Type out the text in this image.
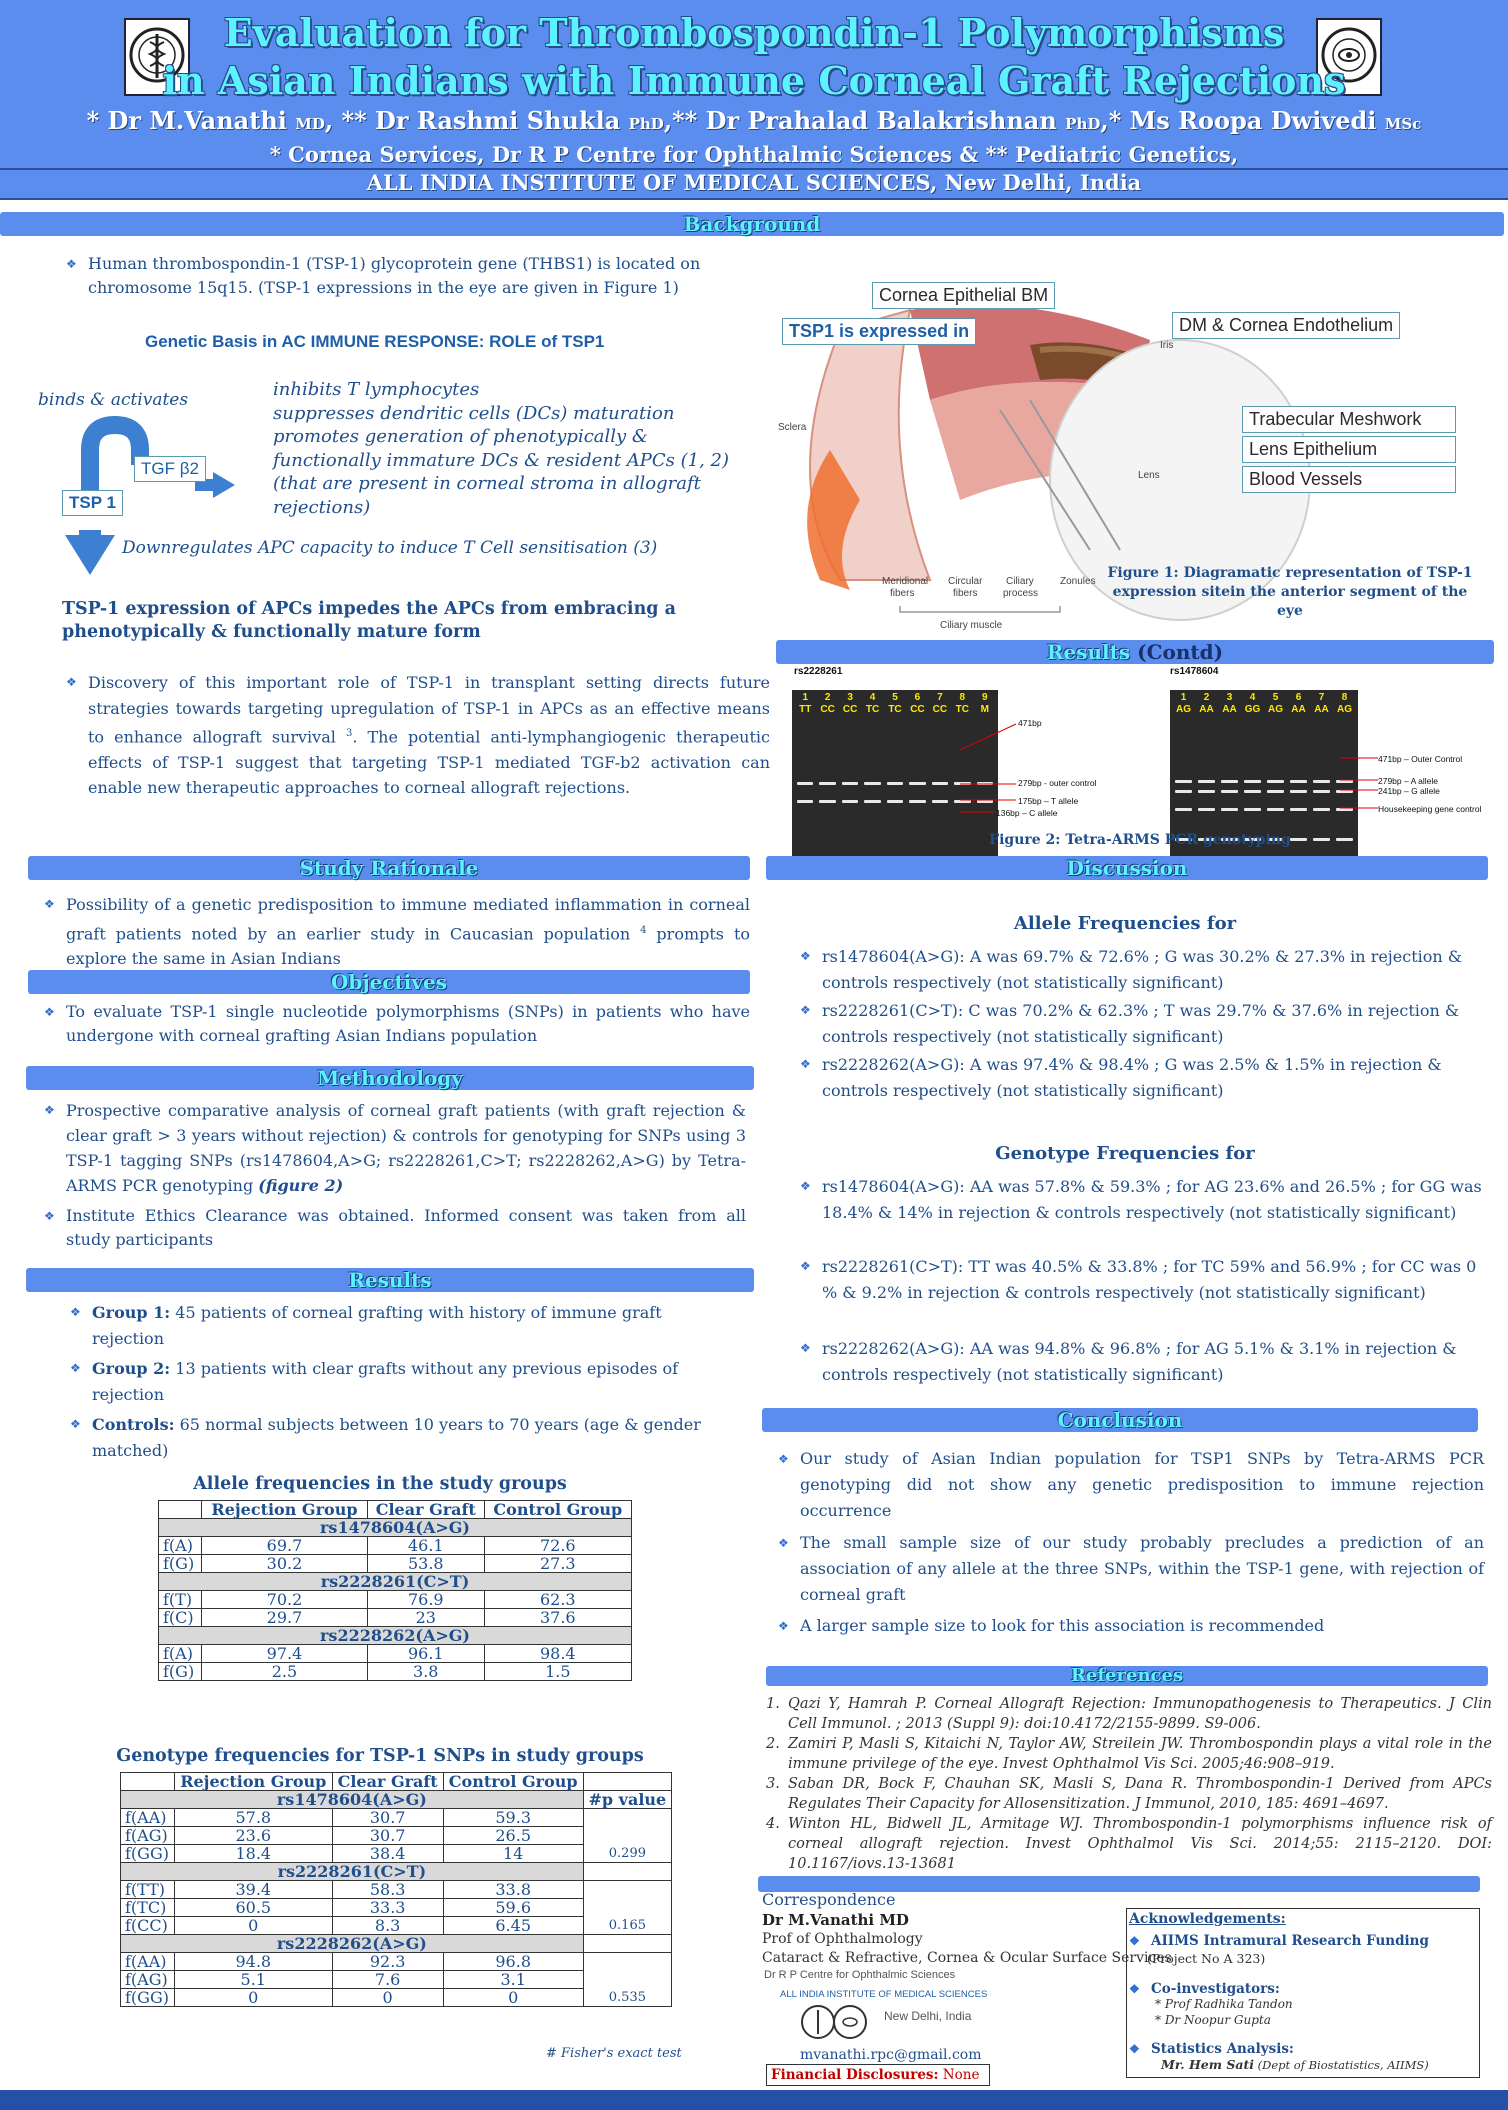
Evaluation for Thrombospondin-1 Polymorphisms
in Asian Indians with Immune Corneal Graft Rejections
* Dr M.Vanathi MD, ** Dr Rashmi Shukla PhD,** Dr Prahalad Balakrishnan PhD,* Ms Roopa Dwivedi MSc
* Cornea Services, Dr R P Centre for Ophthalmic Sciences & ** Pediatric Genetics,
ALL INDIA INSTITUTE OF MEDICAL SCIENCES, New Delhi, India
Background
❖ Human thrombospondin-1 (TSP-1) glycoprotein gene (THBS1) is located on chromosome 15q15. (TSP-1 expressions in the eye are given in Figure 1)
Genetic Basis in AC IMMUNE RESPONSE: ROLE of TSP1
binds & activates
TGF β2
TSP 1
inhibits T lymphocytes
suppresses dendritic cells (DCs) maturation
promotes generation of phenotypically &
functionally immature DCs & resident APCs (1, 2)
(that are present in corneal stroma in allograft
rejections)
Downregulates APC capacity to induce T Cell sensitisation (3)
TSP-1 expression of APCs impedes the APCs from embracing a phenotypically & functionally mature form
❖ Discovery of this important role of TSP-1 in transplant setting directs future strategies towards targeting upregulation of TSP-1 in APCs as an effective means to enhance allograft survival $^3$. The potential anti-lymphangiogenic therapeutic effects of TSP-1 suggest that targeting TSP-1 mediated TGF-b2 activation can enable new therapeutic approaches to corneal allograft rejections.
Sclera
Iris
Lens
Meridional
fibers
Circular
fibers
Ciliary
process
Zonules
Ciliary muscle
Cornea Epithelial BM
TSP1 is expressed in	DM & Cornea Endothelium
Trabecular Meshwork
Lens Epithelium
Blood Vessels
Figure 1: Diagramatic representation of TSP-1
expression sitein the anterior segment of the eye
Results (Contd)
rs2228261
1
TT
2
CC
3
CC
4
TC
5
TC
6
CC
7
CC
8
TC
9
M
471bp
279bp - outer control
175bp – T allele
136bp – C allele
rs1478604
1
AG
2
AA
3
AA
4
GG
5
AG
6
AA
7
AA
8
AG
471bp – Outer Control
279bp – A allele
241bp – G allele
Housekeeping gene control
Figure 2: Tetra-ARMS PCR genotyping
Study Rationale
❖ Possibility of a genetic predisposition to immune mediated inflammation in corneal graft patients noted by an earlier study in Caucasian population $^4$ prompts to explore the same in Asian Indians
Objectives
❖ To evaluate TSP-1 single nucleotide polymorphisms (SNPs) in patients who have undergone with corneal grafting Asian Indians population
Methodology
❖ Prospective comparative analysis of corneal graft patients (with graft rejection & clear graft > 3 years without rejection) & controls for genotyping for SNPs using 3 TSP-1 tagging SNPs (rs1478604,A>G; rs2228261,C>T; rs2228262,A>G) by Tetra-ARMS PCR genotyping (figure 2)
❖ Institute Ethics Clearance was obtained. Informed consent was taken from all study participants
Results
❖ Group 1: 45 patients of corneal grafting with history of immune graft rejection
❖ Group 2: 13 patients with clear grafts without any previous episodes of rejection
❖ Controls: 65 normal subjects between 10 years to 70 years (age & gender matched)
Allele frequencies in the study groups
	Rejection Group	Clear Graft	Control Group
rs1478604(A>G)			
f(A)	69.7	46.1	72.6
f(G)	30.2	53.8	27.3
rs2228261(C>T)			
f(T)	70.2	76.9	62.3
f(C)	29.7	23	37.6
rs2228262(A>G)			
f(A)	97.4	96.1	98.4
f(G)	2.5	3.8	1.5
Genotype frequencies for TSP-1 SNPs in study groups
	Rejection Group	Clear Graft	Control Group	
rs1478604(A>G)				#p value
f(AA)	57.8	30.7	59.3	0.299
f(AG)	23.6	30.7	26.5	
f(GG)	18.4	38.4	14	
rs2228261(C>T)				
f(TT)	39.4	58.3	33.8	0.165
f(TC)	60.5	33.3	59.6	
f(CC)	0	8.3	6.45	
rs2228262(A>G)				
f(AA)	94.8	92.3	96.8	0.535
f(AG)	5.1	7.6	3.1	
f(GG)	0	0	0	
# Fisher's exact test
Discussion
Allele Frequencies for
❖ rs1478604(A>G): A was 69.7% & 72.6% ; G was 30.2% & 27.3% in rejection & controls respectively (not statistically significant)
❖ rs2228261(C>T): C was 70.2% & 62.3% ; T was 29.7% & 37.6% in rejection & controls respectively (not statistically significant)
❖ rs2228262(A>G): A was 97.4% & 98.4% ; G was 2.5% & 1.5% in rejection & controls respectively (not statistically significant)
Genotype Frequencies for
❖ rs1478604(A>G): AA was 57.8% & 59.3% ; for AG 23.6% and 26.5% ; for GG was 18.4% & 14% in rejection & controls respectively (not statistically significant)
❖ rs2228261(C>T): TT was 40.5% & 33.8% ; for TC 59% and 56.9% ; for CC was 0 % & 9.2% in rejection & controls respectively (not statistically significant)
❖ rs2228262(A>G): AA was 94.8% & 96.8% ; for AG 5.1% & 3.1% in rejection & controls respectively (not statistically significant)
Conclusion
❖ Our study of Asian Indian population for TSP1 SNPs by Tetra-ARMS PCR genotyping did not show any genetic predisposition to immune rejection occurrence
❖ The small sample size of our study probably precludes a prediction of an association of any allele at the three SNPs, within the TSP-1 gene, with rejection of corneal graft
❖ A larger sample size to look for this association is recommended
References
1. Qazi Y, Hamrah P. Corneal Allograft Rejection: Immunopathogenesis to Therapeutics. J Clin Cell Immunol. ; 2013 (Suppl 9): doi:10.4172/2155-9899. S9-006.
2. Zamiri P, Masli S, Kitaichi N, Taylor AW, Streilein JW. Thrombospondin plays a vital role in the immune privilege of the eye. Invest Ophthalmol Vis Sci. 2005;46:908–919.
3. Saban DR, Bock F, Chauhan SK, Masli S, Dana R. Thrombospondin-1 Derived from APCs Regulates Their Capacity for Allosensitization. J Immunol, 2010, 185: 4691–4697.
4. Winton HL, Bidwell JL, Armitage WJ. Thrombospondin-1 polymorphisms influence risk of corneal allograft rejection. Invest Ophthalmol Vis Sci. 2014;55: 2115–2120. DOI: 10.1167/iovs.13-13681
Correspondence
Dr M.Vanathi MD
Prof of Ophthalmology
Cataract & Refractive, Cornea & Ocular Surface Services
Dr R P Centre for Ophthalmic Sciences
ALL INDIA INSTITUTE OF MEDICAL SCIENCES
New Delhi, India
mvanathi.rpc@gmail.com
Financial Disclosures: None
Acknowledgements:
❖ AIIMS Intramural Research Funding
(Project No A 323)
❖ Co-investigators:
* Prof Radhika Tandon
* Dr Noopur Gupta
❖ Statistics Analysis:
Mr. Hem Sati (Dept of Biostatistics, AIIMS)
